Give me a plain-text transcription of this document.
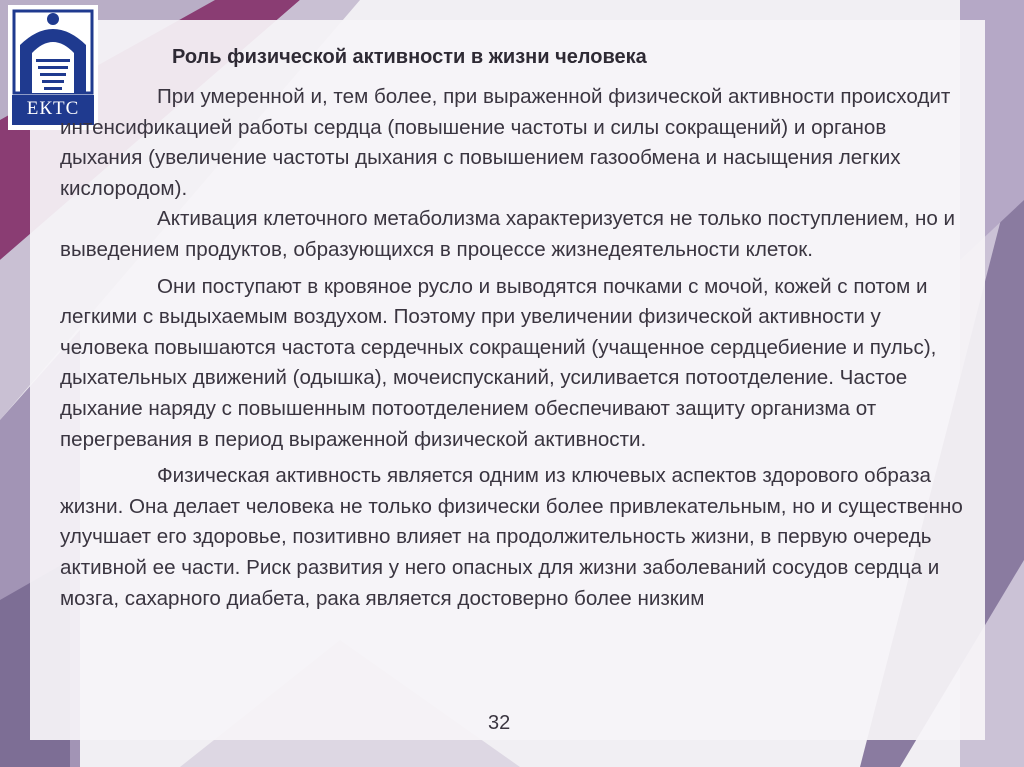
ЕКТС
Роль физической активности в жизни человека

При умеренной и, тем более, при выраженной физической активности происходит интенсификацией работы сердца (повышение частоты и силы сокращений) и органов дыхания (увеличение частоты дыхания с повышением газообмена и насыщения легких кислородом).

Активация клеточного метаболизма характеризуется не только поступлением, но и выведением продуктов, образующихся в процессе жизнедеятельности клеток.

Они поступают в кровяное русло и выводятся почками с мочой, кожей с потом и легкими с выдыхаемым воздухом. Поэтому при увеличении физической активности у человека повышаются частота сердечных сокращений (учащенное сердцебиение и пульс), дыхательных движений (одышка), мочеиспусканий, усиливается потоотделение. Частое дыхание наряду с повышенным потоотделением обеспечивают защиту организма от перегревания в период выраженной физической активности.

Физическая активность является одним из ключевых аспектов здорового образа жизни. Она делает человека не только физически более привлекательным, но и существенно улучшает его здоровье, позитивно влияет на продолжительность жизни, в первую очередь активной ее части. Риск развития у него опасных для жизни заболеваний сосудов сердца и мозга, сахарного диабета, рака является достоверно более низким

32
